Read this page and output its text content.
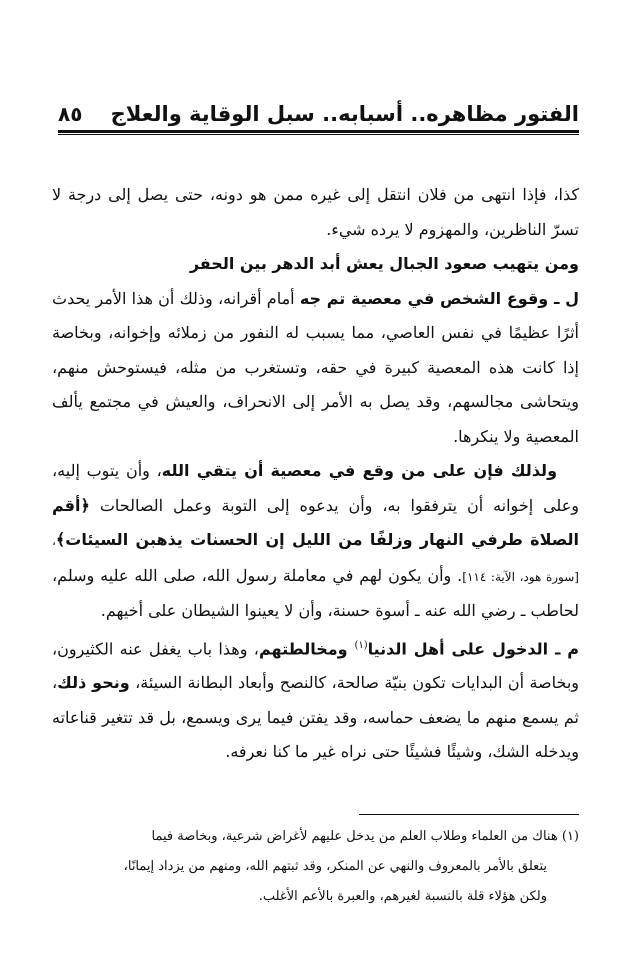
الفتور مظاهره.. أسبابه.. سبل الوقاية والعلاج
٨٥

كذا، فإذا انتهى من فلان انتقل إلى غيره ممن هو دونه، حتى يصل إلى درجة لا تسرّ الناظرين، والمهزوم لا يرده شيء.

ومن يتهيب صعود الجبال يعش أبد الدهر بين الحفر

ل ـ وقوع الشخص في معصية تم جه أمام أقرانه، وذلك أن هذا الأمر يحدث أثرًا عظيمًا في نفس العاصي، مما يسبب له النفور من زملائه وإخوانه، وبخاصة إذا كانت هذه المعصية كبيرة في حقه، وتستغرب من مثله، فيستوحش منهم، ويتحاشى مجالسهم، وقد يصل به الأمر إلى الانحراف، والعيش في مجتمع يألف المعصية ولا ينكرها.

ولذلك فإن على من وقع في معصية أن يتقي الله، وأن يتوب إليه، وعلى إخوانه أن يترفقوا به، وأن يدعوه إلى التوبة وعمل الصالحات ﴿أقم الصلاة طرفي النهار وزلفًا من الليل إن الحسنات يذهبن السيئات﴾، [سورة هود، الآية: ١١٤]. وأن يكون لهم في معاملة رسول الله، صلى الله عليه وسلم، لحاطب ـ رضي الله عنه ـ أسوة حسنة، وأن لا يعينوا الشيطان على أخيهم.

م ـ الدخول على أهل الدنيا$^{(١)}$ ومخالطتهم، وهذا باب يغفل عنه الكثيرون، وبخاصة أن البدايات تكون بنيّة صالحة، كالنصح وأبعاد البطانة السيئة، ونحو ذلك، ثم يسمع منهم ما يضعف حماسه، وقد يفتن فيما يرى ويسمع، بل قد تتغير قناعاته ويدخله الشك، وشيئًا فشيئًا حتى نراه غير ما كنا نعرفه.

(١) هناك من العلماء وطلاب العلم من يدخل عليهم لأغراض شرعية، وبخاصة فيما

يتعلق بالأمر بالمعروف والنهي عن المنكر، وقد ثبتهم الله، ومنهم من يزداد إيمانًا،

ولكن هؤلاء قلة بالنسبة لغيرهم، والعبرة بالأعم الأغلب.
